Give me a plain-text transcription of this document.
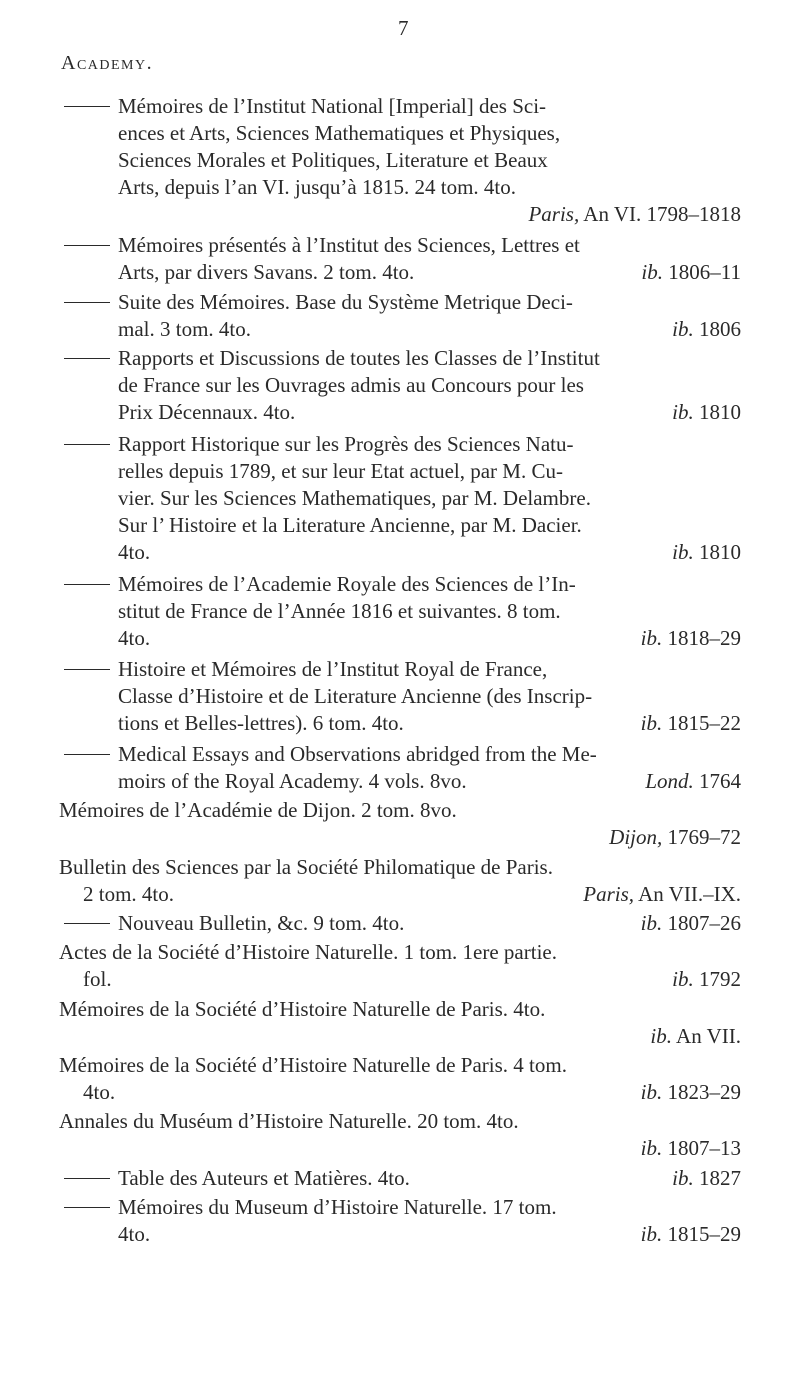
7
Academy.
Mémoires de l’Institut National [Imperial] des Sci-
ences et Arts, Sciences Mathematiques et Physiques,
Sciences Morales et Politiques, Literature et Beaux
Arts, depuis l’an VI. jusqu’à 1815. 24 tom. 4to.
Paris, An VI. 1798–1818
Mémoires présentés à l’Institut des Sciences, Lettres et
Arts, par divers Savans. 2 tom. 4to.	ib. 1806–11
Suite des Mémoires. Base du Système Metrique Deci-
mal. 3 tom. 4to.	ib. 1806
Rapports et Discussions de toutes les Classes de l’Institut
de France sur les Ouvrages admis au Concours pour les
Prix Décennaux. 4to.	ib. 1810
Rapport Historique sur les Progrès des Sciences Natu-
relles depuis 1789, et sur leur Etat actuel, par M. Cu-
vier. Sur les Sciences Mathematiques, par M. Delambre.
Sur l’ Histoire et la Literature Ancienne, par M. Dacier.
4to.	ib. 1810
Mémoires de l’Academie Royale des Sciences de l’In-
stitut de France de l’Année 1816 et suivantes. 8 tom.
4to.	ib. 1818–29
Histoire et Mémoires de l’Institut Royal de France,
Classe d’Histoire et de Literature Ancienne (des Inscrip-
tions et Belles-lettres). 6 tom. 4to.	ib. 1815–22
Medical Essays and Observations abridged from the Me-
moirs of the Royal Academy. 4 vols. 8vo.	Lond. 1764
Mémoires de l’Académie de Dijon. 2 tom. 8vo.
Dijon, 1769–72
Bulletin des Sciences par la Société Philomatique de Paris.
2 tom. 4to.	Paris, An VII.–IX.
Nouveau Bulletin, &c. 9 tom. 4to.	ib. 1807–26
Actes de la Société d’Histoire Naturelle. 1 tom. 1ere partie.
fol.	ib. 1792
Mémoires de la Société d’Histoire Naturelle de Paris. 4to.
ib. An VII.
Mémoires de la Société d’Histoire Naturelle de Paris. 4 tom.
4to.	ib. 1823–29
Annales du Muséum d’Histoire Naturelle. 20 tom. 4to.
ib. 1807–13
Table des Auteurs et Matières. 4to.	ib. 1827
Mémoires du Museum d’Histoire Naturelle. 17 tom.
4to.	ib. 1815–29
